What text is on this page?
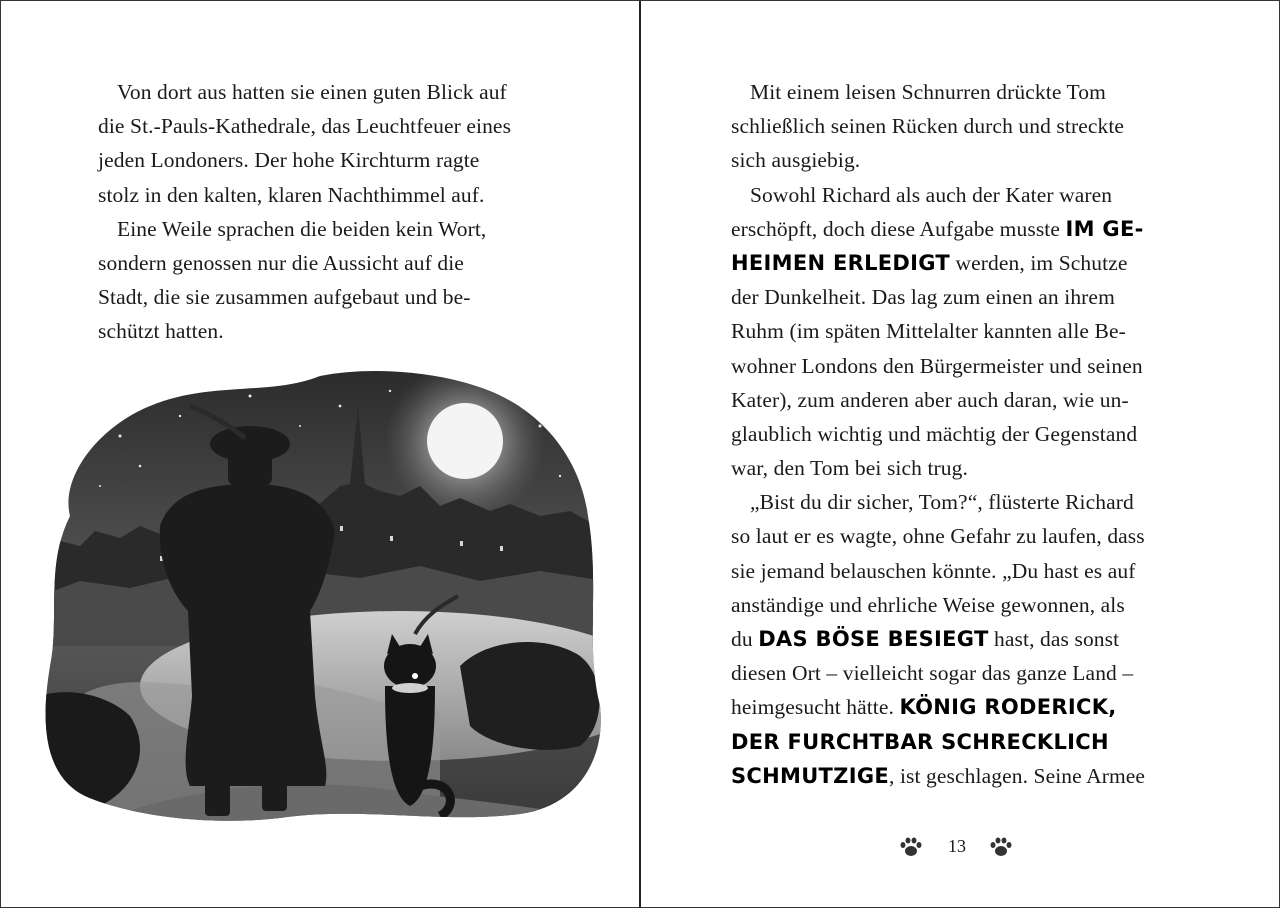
Von dort aus hatten sie einen guten Blick auf
die St.-Pauls-Kathedrale, das Leuchtfeuer eines
jeden Londoners. Der hohe Kirchturm ragte
stolz in den kalten, klaren Nachthimmel auf.
Eine Weile sprachen die beiden kein Wort,
sondern genossen nur die Aussicht auf die
Stadt, die sie zusammen aufgebaut und be-
schützt hatten.
Mit einem leisen Schnurren drückte Tom
schließlich seinen Rücken durch und streckte
sich ausgiebig.
Sowohl Richard als auch der Kater waren
erschöpft, doch diese Aufgabe musste IM GE-
HEIMEN ERLEDIGT werden, im Schutze
der Dunkelheit. Das lag zum einen an ihrem
Ruhm (im späten Mittelalter kannten alle Be-
wohner Londons den Bürgermeister und seinen
Kater), zum anderen aber auch daran, wie un-
glaublich wichtig und mächtig der Gegenstand
war, den Tom bei sich trug.
„Bist du dir sicher, Tom?“, flüsterte Richard
so laut er es wagte, ohne Gefahr zu laufen, dass
sie jemand belauschen könnte. „Du hast es auf
anständige und ehrliche Weise gewonnen, als
du DAS BÖSE BESIEGT hast, das sonst
diesen Ort – vielleicht sogar das ganze Land –
heimgesucht hätte. KÖNIG RODERICK,
DER FURCHTBAR SCHRECKLICH
SCHMUTZIGE, ist geschlagen. Seine Armee
13
